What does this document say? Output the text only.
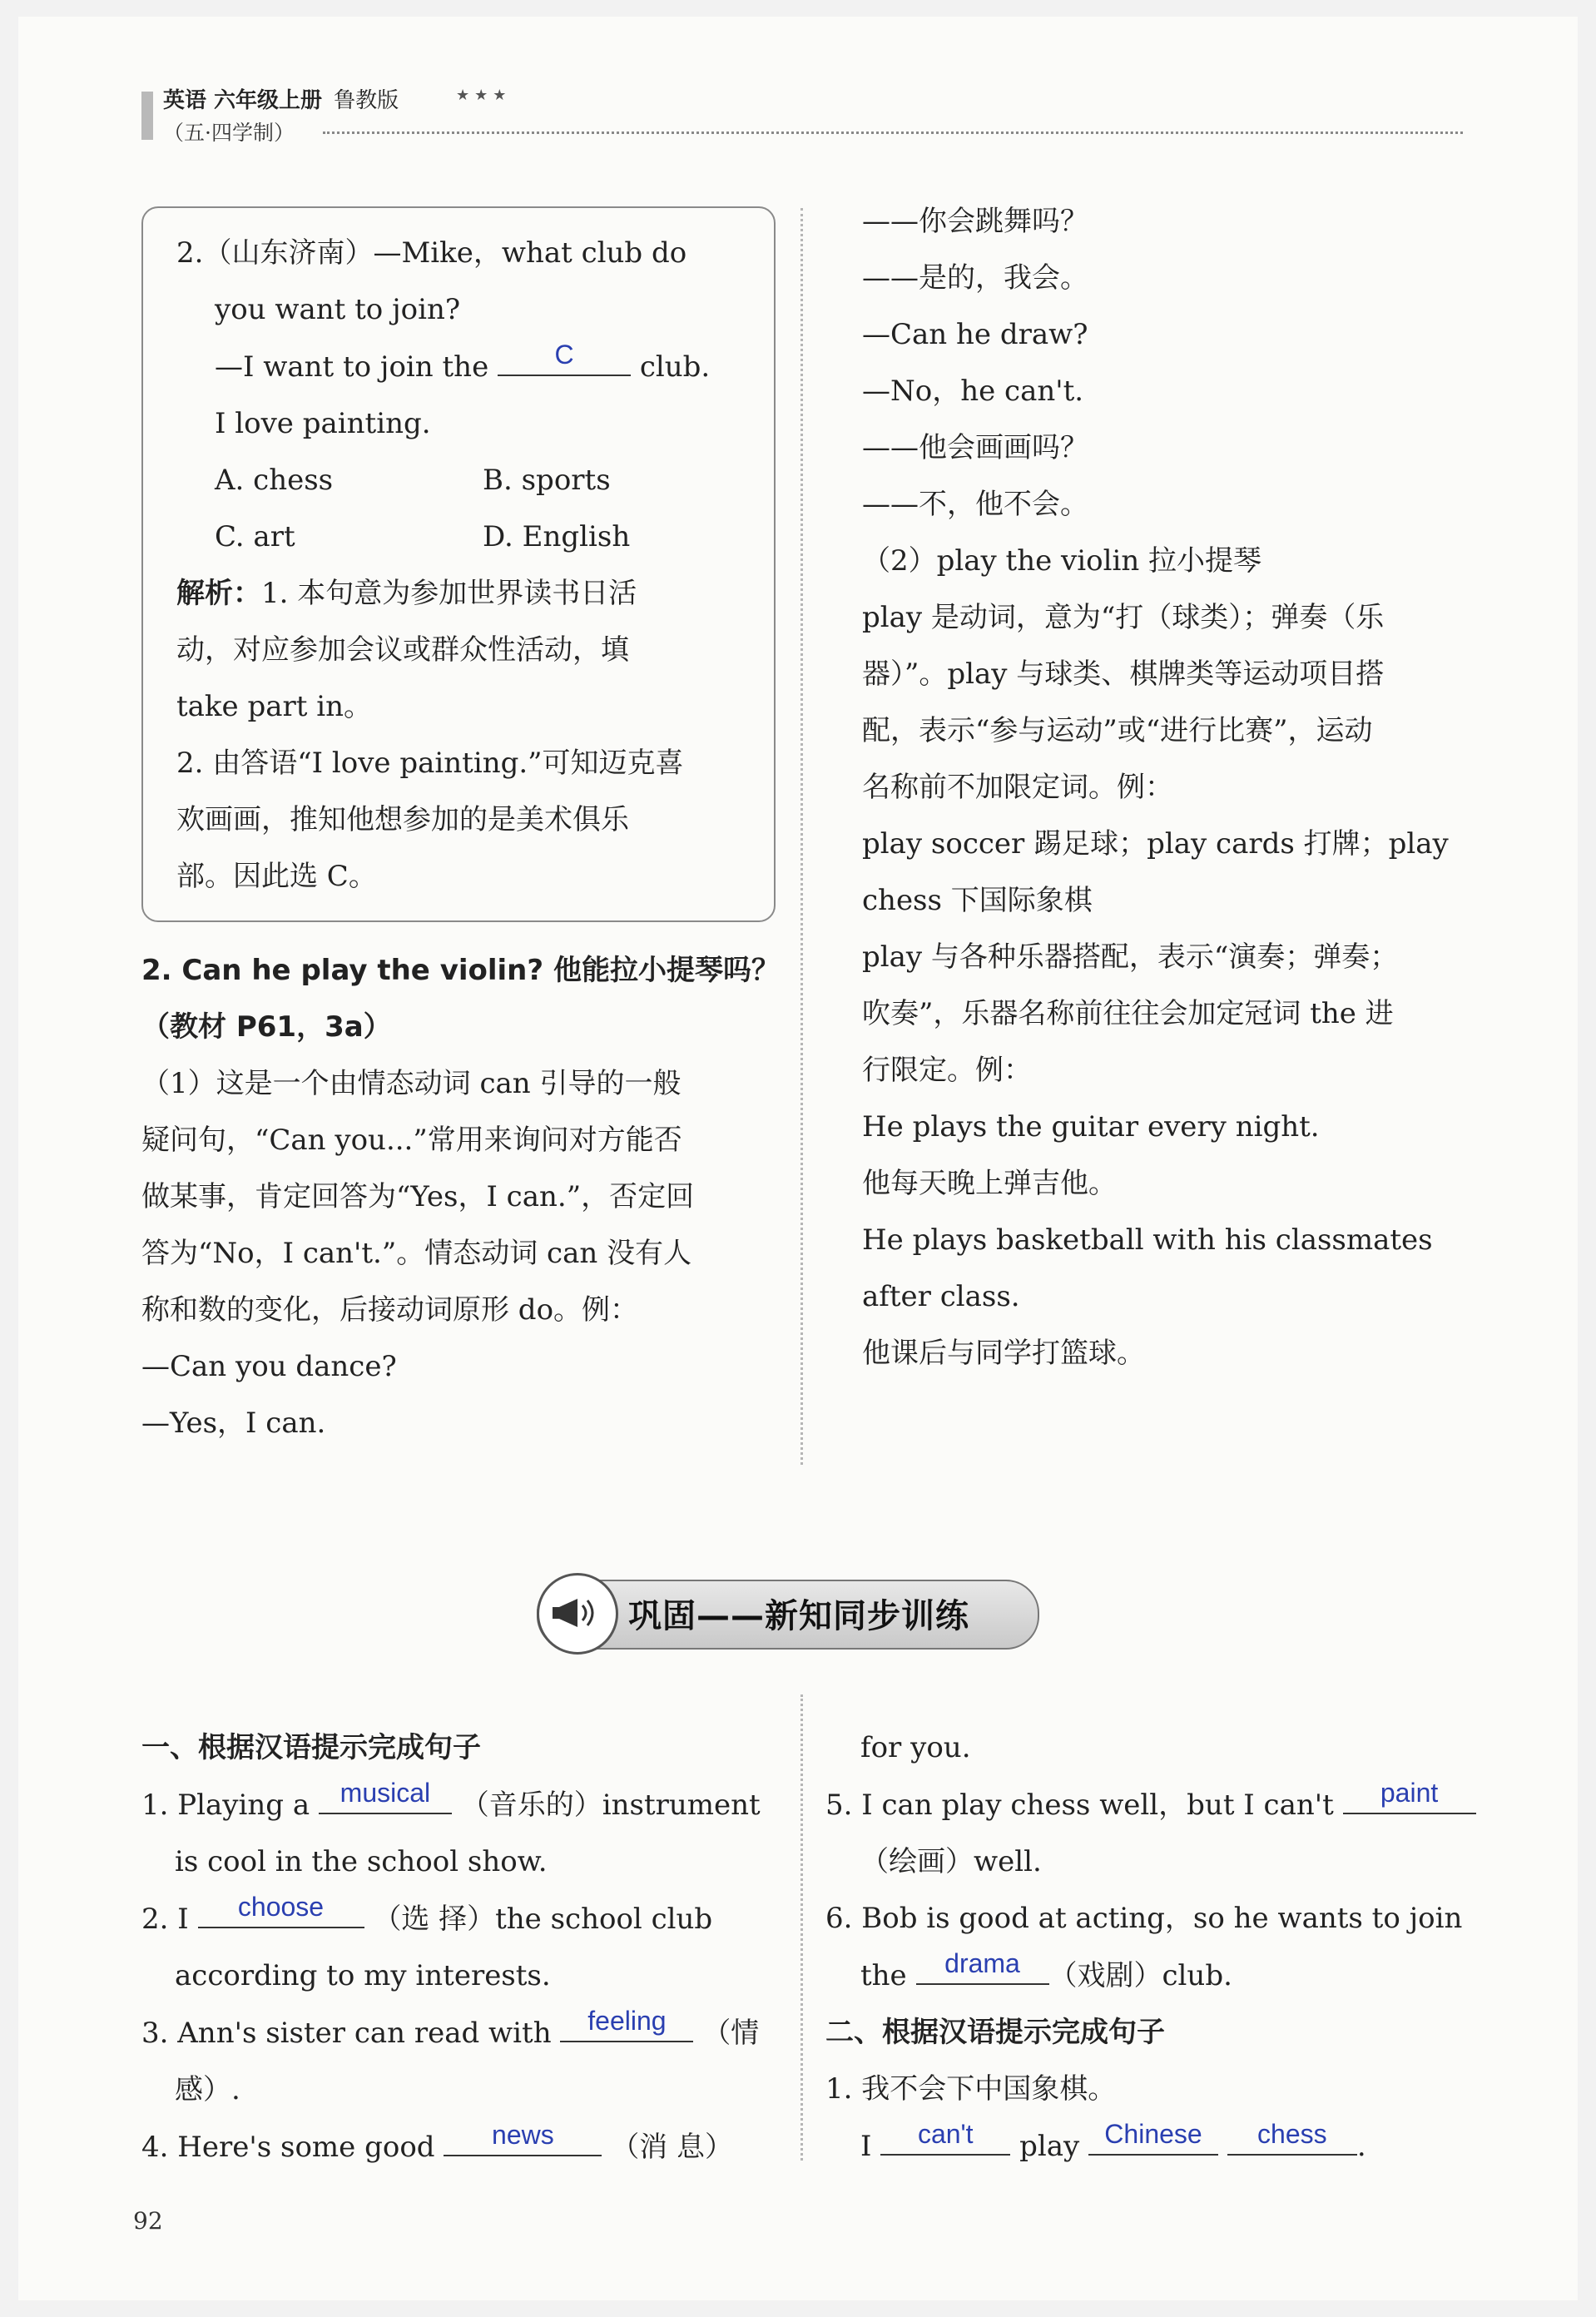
英语 六年级上册 鲁教版	★★★
（五·四学制）

2.（山东济南）—Mike，what club do

you want to join?

—I want to join the	C	club.

I love painting.

A. chess	B. sports

C. art	D. English

解析：1. 本句意为参加世界读书日活

动，对应参加会议或群众性活动，填

take part in。

2. 由答语“I love painting.”可知迈克喜

欢画画，推知他想参加的是美术俱乐

部。因此选 C。

2. Can he play the violin? 他能拉小提琴吗？

（教材 P61，3a）

（1）这是一个由情态动词 can 引导的一般

疑问句，“Can you...”常用来询问对方能否

做某事，肯定回答为“Yes，I can.”，否定回

答为“No，I can't.”。情态动词 can 没有人

称和数的变化，后接动词原形 do。例：

—Can you dance?

—Yes，I can.

——你会跳舞吗？

——是的，我会。

—Can he draw?

—No，he can't.

——他会画画吗？

——不，他不会。

（2）play the violin 拉小提琴

play 是动词，意为“打（球类）；弹奏（乐

器）”。play 与球类、棋牌类等运动项目搭

配，表示“参与运动”或“进行比赛”，运动

名称前不加限定词。例：

play soccer 踢足球；play cards 打牌；play

chess 下国际象棋

play 与各种乐器搭配，表示“演奏；弹奏；

吹奏”，乐器名称前往往会加定冠词 the 进

行限定。例：

He plays the guitar every night.

他每天晚上弹吉他。

He plays basketball with his classmates

after class.

他课后与同学打篮球。

巩固——新知同步训练

一、根据汉语提示完成句子

1. Playing a	musical	（音乐的）instrument

is cool in the school show.

2. I	choose	（选 择）the school club

according to my interests.

3. Ann's sister can read with	feeling	（情

感）.

4. Here's some good	news	（消 息）

for you.

5. I can play chess well，but I can't	paint

（绘画）well.

6. Bob is good at acting，so he wants to join

the	drama	（戏剧）club.

二、根据汉语提示完成句子

1. 我不会下中国象棋。

I	can't	play Chinese
	chess	.

92
